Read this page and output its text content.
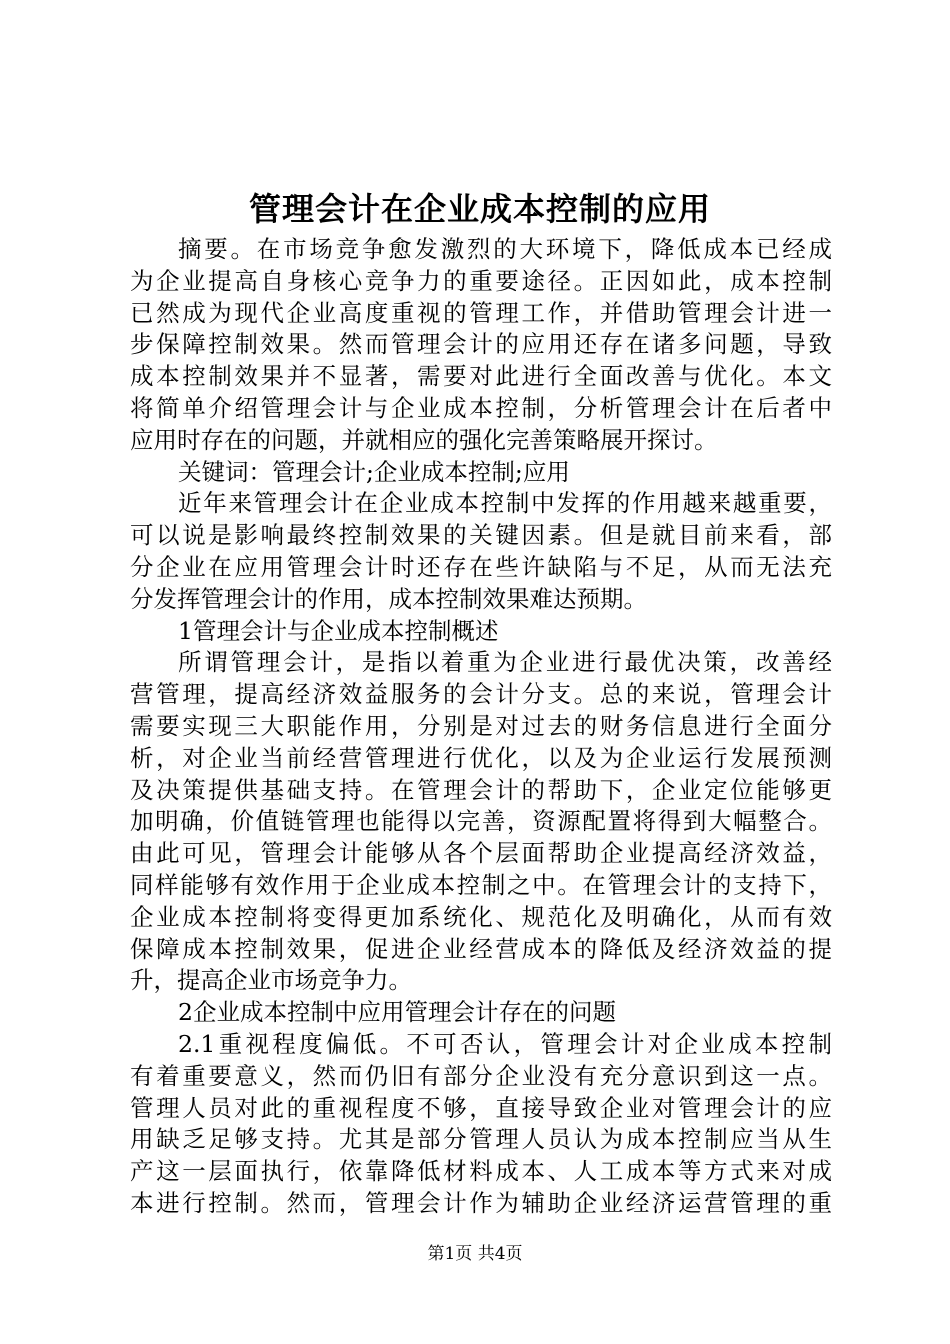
管理会计在企业成本控制的应用
摘要。在市场竞争愈发激烈的大环境下，降低成本已经成
为企业提高自身核心竞争力的重要途径。正因如此，成本控制
已然成为现代企业高度重视的管理工作，并借助管理会计进一
步保障控制效果。然而管理会计的应用还存在诸多问题，导致
成本控制效果并不显著，需要对此进行全面改善与优化。本文
将简单介绍管理会计与企业成本控制，分析管理会计在后者中
应用时存在的问题，并就相应的强化完善策略展开探讨。
关键词：管理会计;企业成本控制;应用
近年来管理会计在企业成本控制中发挥的作用越来越重要，
可以说是影响最终控制效果的关键因素。但是就目前来看，部
分企业在应用管理会计时还存在些许缺陷与不足，从而无法充
分发挥管理会计的作用，成本控制效果难达预期。
1管理会计与企业成本控制概述
所谓管理会计，是指以着重为企业进行最优决策，改善经
营管理，提高经济效益服务的会计分支。总的来说，管理会计
需要实现三大职能作用，分别是对过去的财务信息进行全面分
析，对企业当前经营管理进行优化，以及为企业运行发展预测
及决策提供基础支持。在管理会计的帮助下，企业定位能够更
加明确，价值链管理也能得以完善，资源配置将得到大幅整合。
由此可见，管理会计能够从各个层面帮助企业提高经济效益，
同样能够有效作用于企业成本控制之中。在管理会计的支持下，
企业成本控制将变得更加系统化、规范化及明确化，从而有效
保障成本控制效果，促进企业经营成本的降低及经济效益的提
升，提高企业市场竞争力。
2企业成本控制中应用管理会计存在的问题
2.1重视程度偏低。不可否认，管理会计对企业成本控制
有着重要意义，然而仍旧有部分企业没有充分意识到这一点。
管理人员对此的重视程度不够，直接导致企业对管理会计的应
用缺乏足够支持。尤其是部分管理人员认为成本控制应当从生
产这一层面执行，依靠降低材料成本、人工成本等方式来对成
本进行控制。然而，管理会计作为辅助企业经济运营管理的重
第1页 共4页
